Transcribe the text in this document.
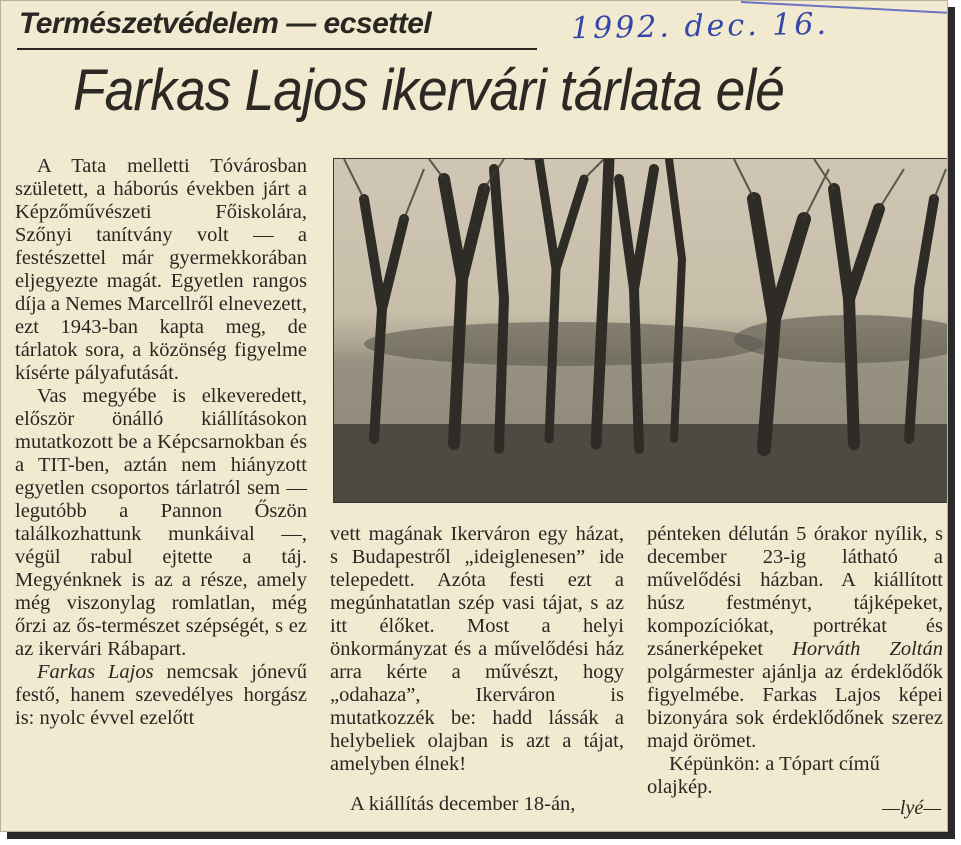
Természetvédelem — ecsettel	1992. dec. 16.
Farkas Lajos ikervári tárlata elé

A Tata melletti Tóvárosban született, a háborús években járt a Képzőművészeti Főiskolára, Szőnyi tanítvány volt — a festészettel már gyermekkorában eljegyezte magát. Egyetlen rangos díja a Nemes Marcellről elnevezett, ezt 1943-ban kapta meg, de tárlatok sora, a közönség figyelme kísérte pályafutását.

Vas megyébe is elkeveredett, először önálló kiállításokon mutatkozott be a Képcsarnokban és a TIT-ben, aztán nem hiányzott egyetlen csoportos tárlatról sem — legutóbb a Pannon Őszön találkozhattunk munkáival —, végül rabul ejtette a táj. Megyénknek is az a része, amely még viszonylag romlatlan, még őrzi az ős-természet szépségét, s ez az ikervári Rábapart.

Farkas Lajos nemcsak jónevű festő, hanem szevedélyes horgász is: nyolc évvel ezelőtt

vett magának Ikerváron egy házat, s Budapestről „ideiglenesen” ide telepedett. Azóta festi ezt a megúnhatatlan szép vasi tájat, s az itt élőket. Most a helyi önkormányzat és a művelődési ház arra kérte a művészt, hogy „odahaza”, Ikerváron is mutatkozzék be: hadd lássák a helybeliek olajban is azt a tájat, amelyben élnek!

A kiállítás december 18-án,

pénteken délután 5 órakor nyílik, s december 23-ig látható a művelődési házban. A kiállított húsz festményt, tájképeket, kompozíciókat, portrékat és zsánerképeket Horváth Zoltán polgármester ajánlja az érdeklődők figyelmébe. Farkas Lajos képei bizonyára sok érdeklődőnek szerez majd örömet.

Képünkön: a Tópart című olajkép.

—lyé—
